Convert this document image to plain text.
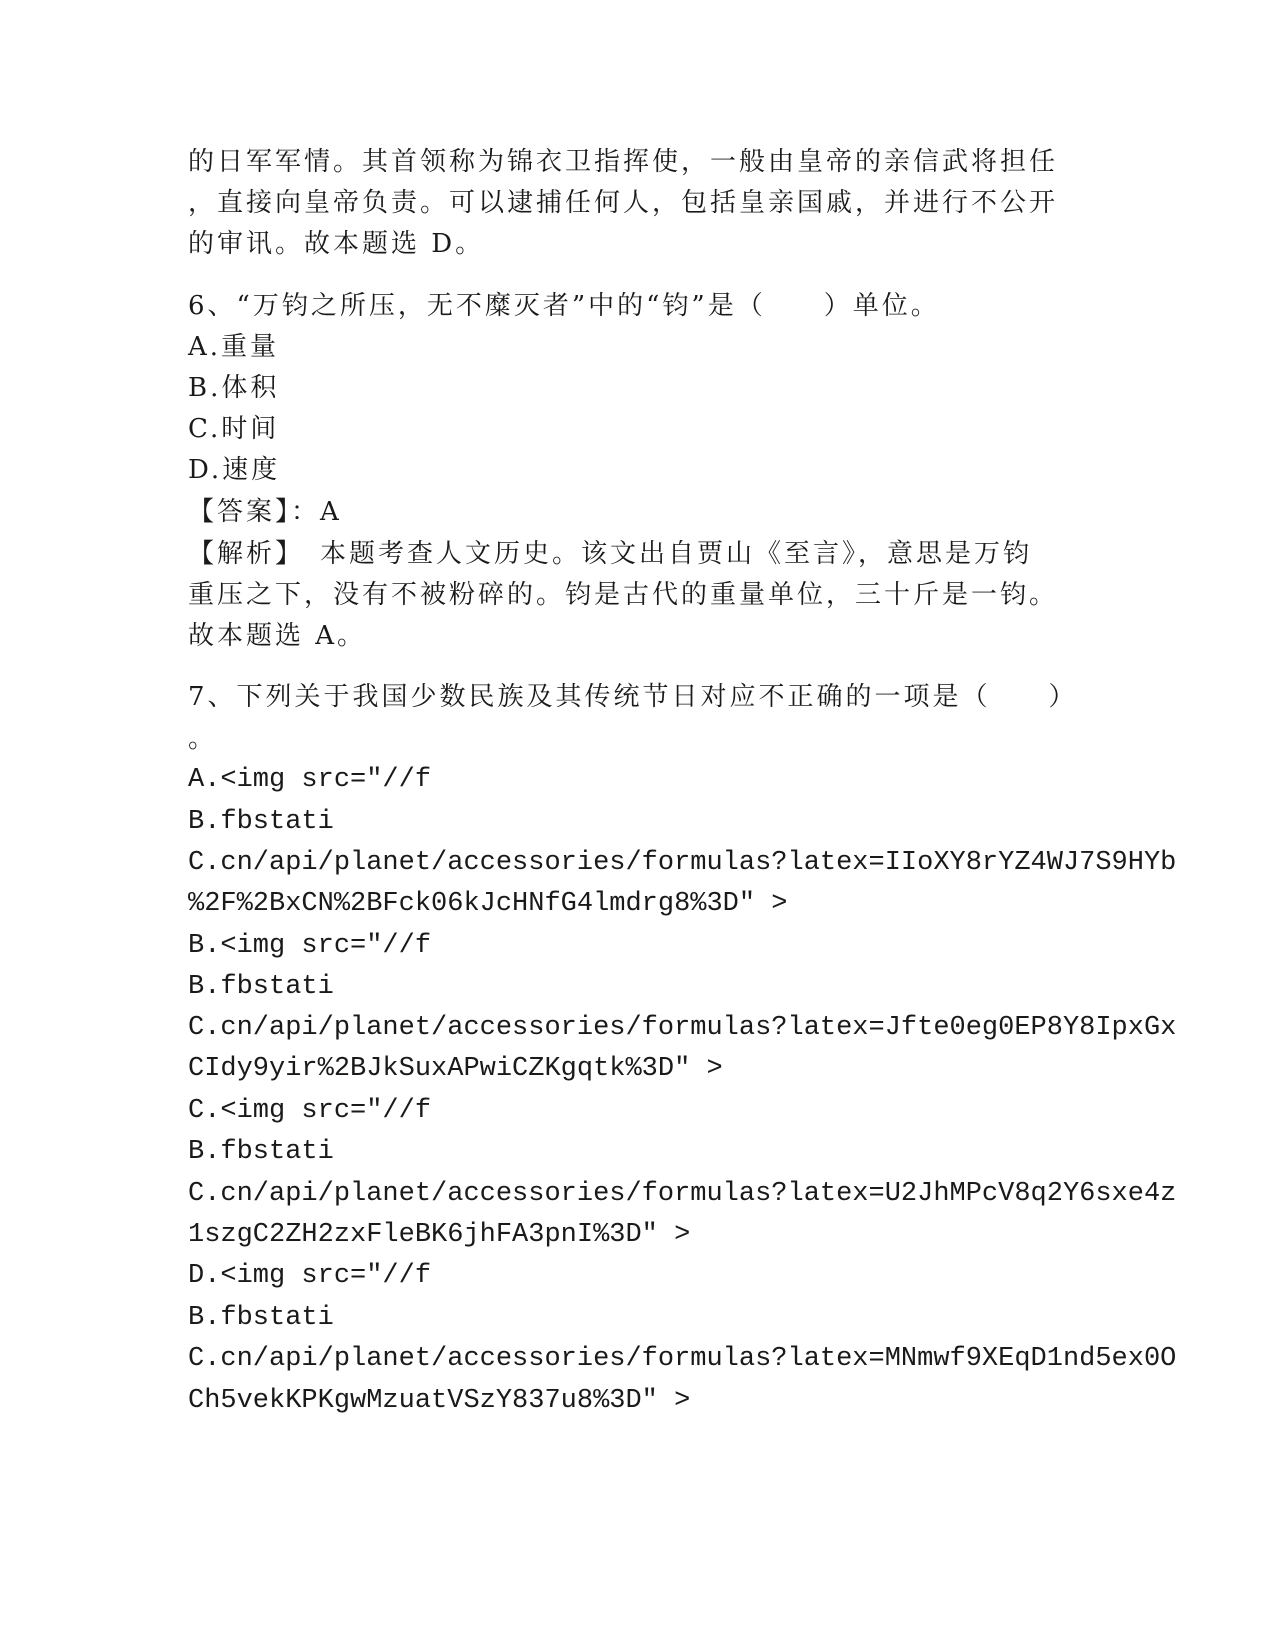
的日军军情。其首领称为锦衣卫指挥使，一般由皇帝的亲信武将担任

，直接向皇帝负责。可以逮捕任何人，包括皇亲国戚，并进行不公开

的审讯。故本题选 D。

6、“万钧之所压，无不糜灭者”中的“钧”是（　　）单位。

A.重量

B.体积

C.时间

D.速度

【答案】：A

【解析】　本题考查人文历史。该文出自贾山《至言》，意思是万钧

重压之下，没有不被粉碎的。钧是古代的重量单位，三十斤是一钧。

故本题选 A。

7、下列关于我国少数民族及其传统节日对应不正确的一项是（　　）

。

A.<img src="//f

B.fbstati

C.cn/api/planet/accessories/formulas?latex=IIoXY8rYZ4WJ7S9HYb

%2F%2BxCN%2BFck06kJcHNfG4lmdrg8%3D" >

B.<img src="//f

B.fbstati

C.cn/api/planet/accessories/formulas?latex=Jfte0eg0EP8Y8IpxGx

CIdy9yir%2BJkSuxAPwiCZKgqtk%3D" >

C.<img src="//f

B.fbstati

C.cn/api/planet/accessories/formulas?latex=U2JhMPcV8q2Y6sxe4z

1szgC2ZH2zxFleBK6jhFA3pnI%3D" >

D.<img src="//f

B.fbstati

C.cn/api/planet/accessories/formulas?latex=MNmwf9XEqD1nd5ex0O

Ch5vekKPKgwMzuatVSzY837u8%3D" >
